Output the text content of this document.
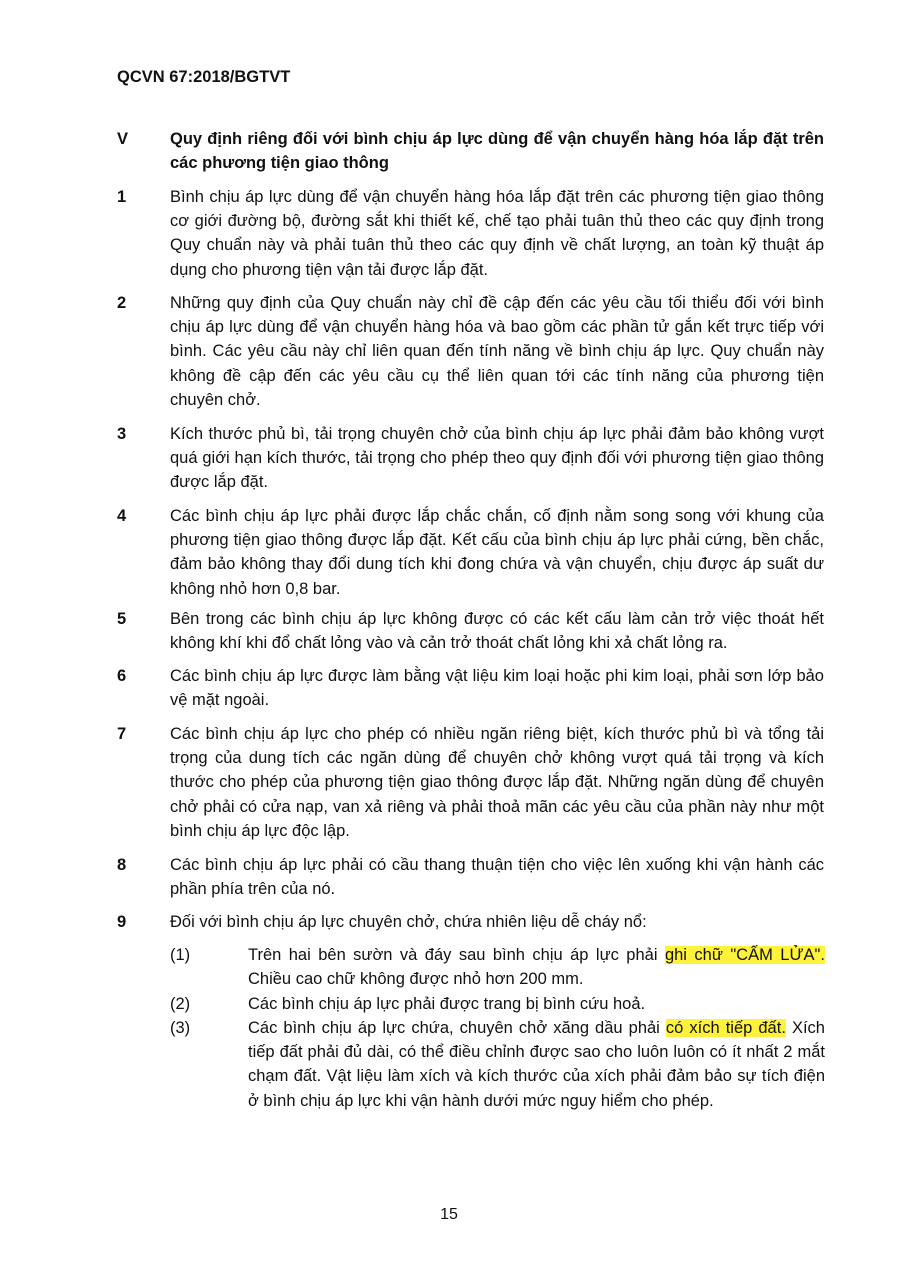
QCVN 67:2018/BGTVT
V	Quy định riêng đối với bình chịu áp lực dùng để vận chuyển hàng hóa lắp đặt trên các phương tiện giao thông
1	Bình chịu áp lực dùng để vận chuyển hàng hóa lắp đặt trên các phương tiện giao thông cơ giới đường bộ, đường sắt khi thiết kế, chế tạo phải tuân thủ theo các quy định trong Quy chuẩn này và phải tuân thủ theo các quy định về chất lượng, an toàn kỹ thuật áp dụng cho phương tiện vận tải được lắp đặt.
2	Những quy định của Quy chuẩn này chỉ đề cập đến các yêu cầu tối thiểu đối với bình chịu áp lực dùng để vận chuyển hàng hóa và bao gồm các phần tử gắn kết trực tiếp với bình. Các yêu cầu này chỉ liên quan đến tính năng về bình chịu áp lực. Quy chuẩn này không đề cập đến các yêu cầu cụ thể liên quan tới các tính năng của phương tiện chuyên chở.
3	Kích thước phủ bì, tải trọng chuyên chở của bình chịu áp lực phải đảm bảo không vượt quá giới hạn kích thước, tải trọng cho phép theo quy định đối với phương tiện giao thông được lắp đặt.
4	Các bình chịu áp lực phải được lắp chắc chắn, cố định nằm song song với khung của phương tiện giao thông được lắp đặt. Kết cấu của bình chịu áp lực phải cứng, bền chắc, đảm bảo không thay đổi dung tích khi đong chứa và vận chuyển, chịu được áp suất dư không nhỏ hơn 0,8 bar.
5	Bên trong các bình chịu áp lực không được có các kết cấu làm cản trở việc thoát hết không khí khi đổ chất lỏng vào và cản trở thoát chất lỏng khi xả chất lỏng ra.
6	Các bình chịu áp lực được làm bằng vật liệu kim loại hoặc phi kim loại, phải sơn lớp bảo vệ mặt ngoài.
7	Các bình chịu áp lực cho phép có nhiều ngăn riêng biệt, kích thước phủ bì và tổng tải trọng của dung tích các ngăn dùng để chuyên chở không vượt quá tải trọng và kích thước cho phép của phương tiện giao thông được lắp đặt. Những ngăn dùng để chuyên chở phải có cửa nạp, van xả riêng và phải thoả mãn các yêu cầu của phần này như một bình chịu áp lực độc lập.
8	Các bình chịu áp lực phải có cầu thang thuận tiện cho việc lên xuống khi vận hành các phần phía trên của nó.
9	Đối với bình chịu áp lực chuyên chở, chứa nhiên liệu dễ cháy nổ:
(1)	Trên hai bên sườn và đáy sau bình chịu áp lực phải ghi chữ "CẤM LỬA". Chiều cao chữ không được nhỏ hơn 200 mm.
(2)	Các bình chịu áp lực phải được trang bị bình cứu hoả.
(3)	Các bình chịu áp lực chứa, chuyên chở xăng dầu phải có xích tiếp đất. Xích tiếp đất phải đủ dài, có thể điều chỉnh được sao cho luôn luôn có ít nhất 2 mắt chạm đất. Vật liệu làm xích và kích thước của xích phải đảm bảo sự tích điện ở bình chịu áp lực khi vận hành dưới mức nguy hiểm cho phép.
15
